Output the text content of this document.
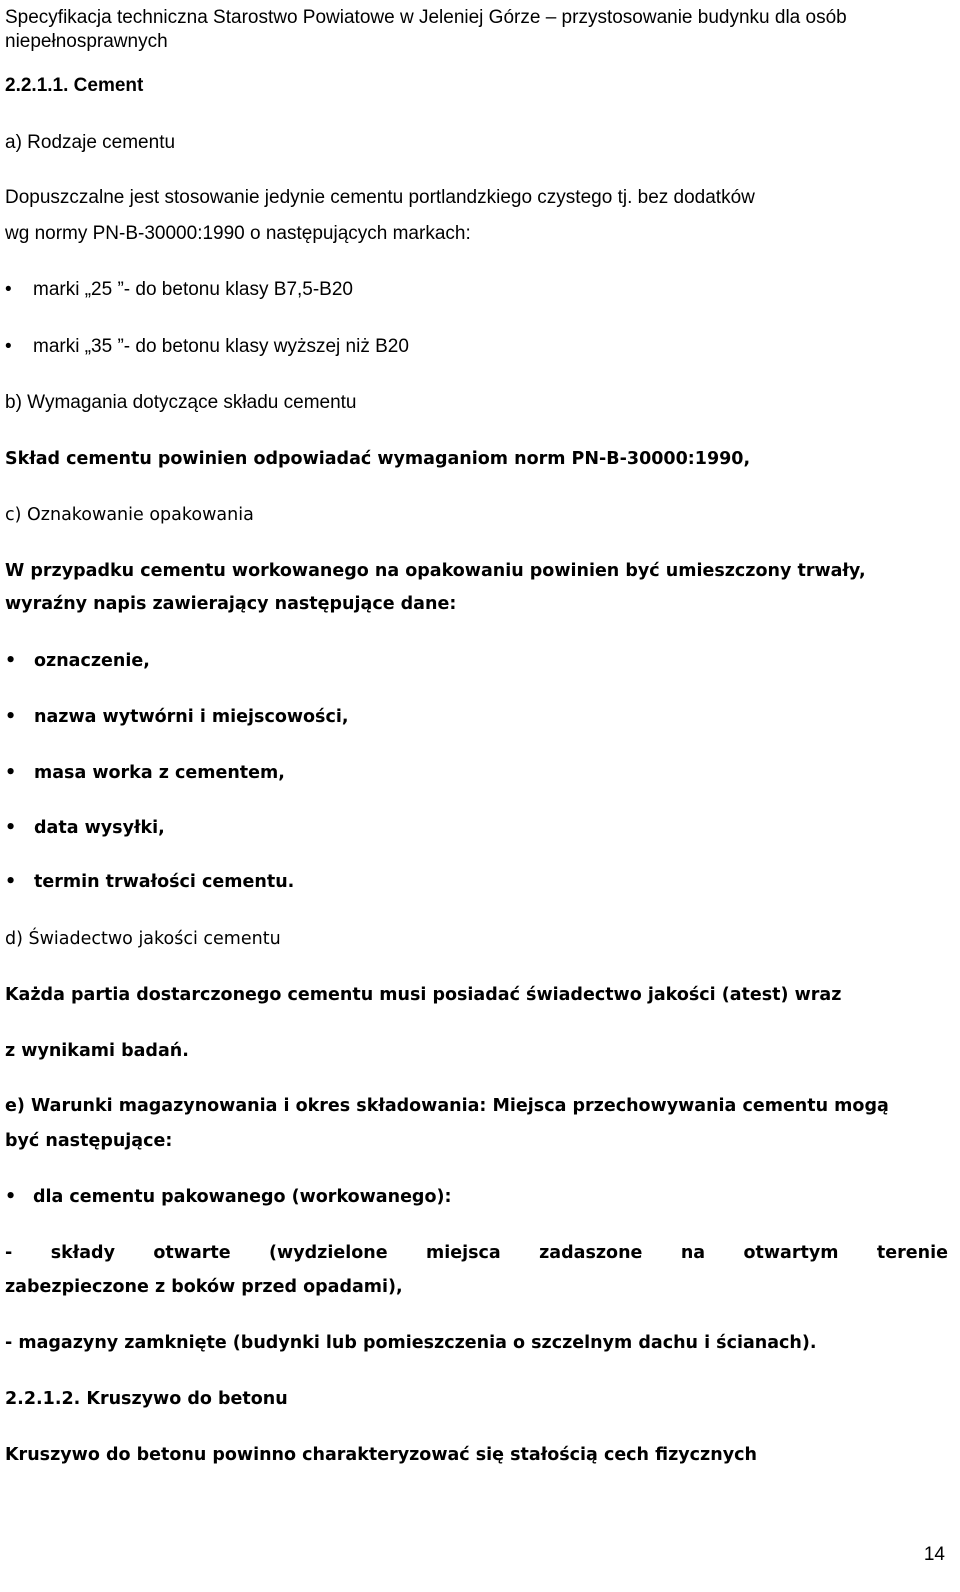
Specyfikacja techniczna Starostwo Powiatowe w Jeleniej Górze – przystosowanie budynku dla osób
niepełnosprawnych
2.2.1.1. Cement
a) Rodzaje cementu
Dopuszczalne jest stosowanie jedynie cementu portlandzkiego czystego tj. bez dodatków
wg normy PN-B-30000:1990 o następujących markach:
• marki „25 ”- do betonu klasy B7,5-B20
• marki „35 ”- do betonu klasy wyższej niż B20
b) Wymagania dotyczące składu cementu
Skład cementu powinien odpowiadać wymaganiom norm PN-B-30000:1990,
c) Oznakowanie opakowania
W przypadku cementu workowanego na opakowaniu powinien być umieszczony trwały,
wyraźny napis zawierający następujące dane:
• oznaczenie,
• nazwa wytwórni i miejscowości,
• masa worka z cementem,
• data wysyłki,
• termin trwałości cementu.
d) Świadectwo jakości cementu
Każda partia dostarczonego cementu musi posiadać świadectwo jakości (atest) wraz
z wynikami badań.
e) Warunki magazynowania i okres składowania: Miejsca przechowywania cementu mogą
być następujące:
• dla cementu pakowanego (workowanego):
- składy otwarte (wydzielone miejsca zadaszone na otwartym terenie
zabezpieczone z boków przed opadami),
- magazyny zamknięte (budynki lub pomieszczenia o szczelnym dachu i ścianach).
2.2.1.2. Kruszywo do betonu
Kruszywo do betonu powinno charakteryzować się stałością cech fizycznych
14
